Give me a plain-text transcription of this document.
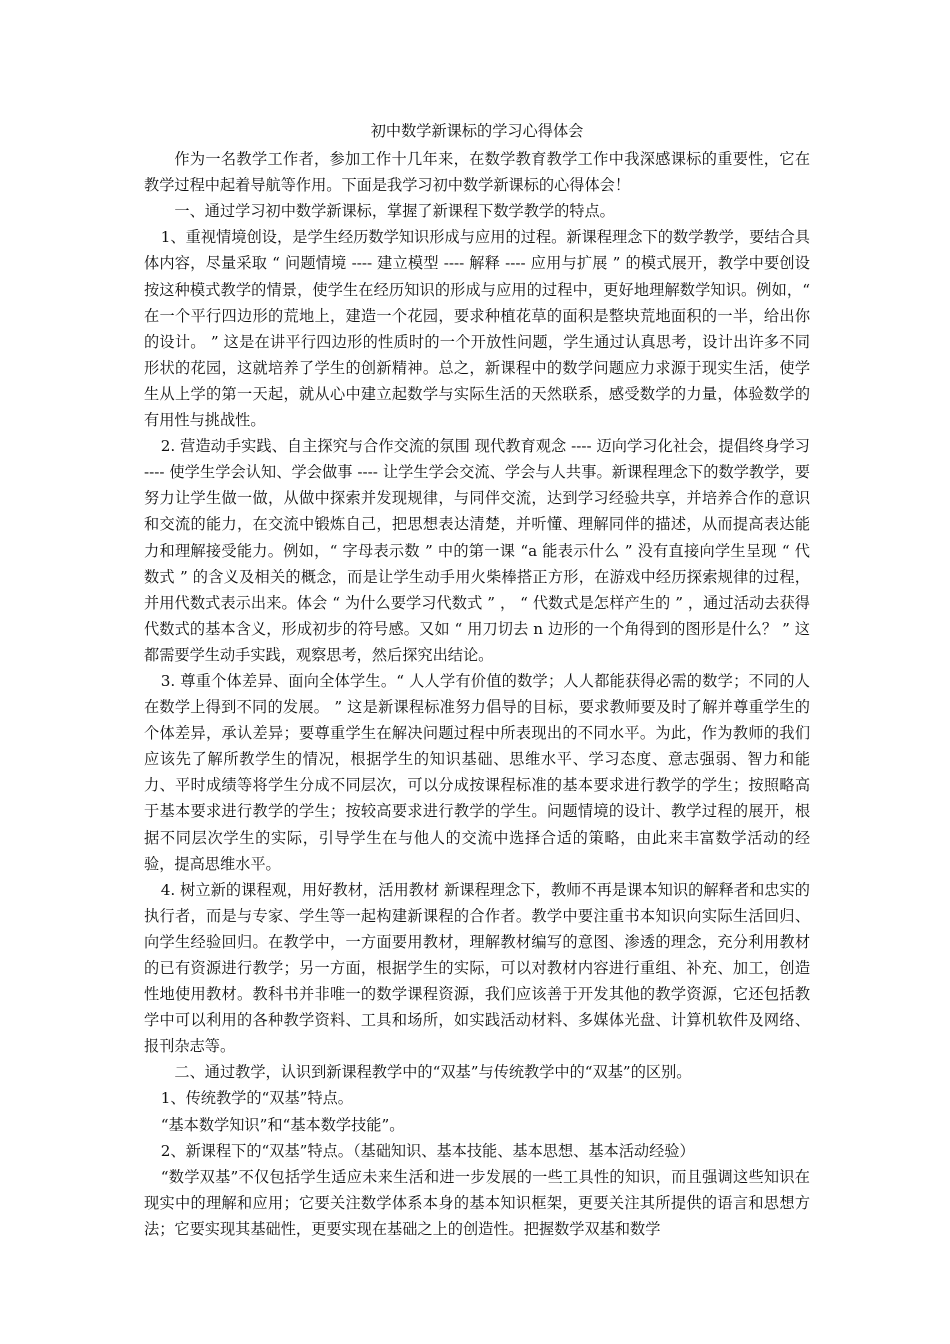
初中数学新课标的学习心得体会

作为一名教学工作者，参加工作十几年来，在数学教育教学工作中我深感课标的重要性，它在教学过程中起着导航等作用。下面是我学习初中数学新课标的心得体会！

一、通过学习初中数学新课标，掌握了新课程下数学教学的特点。

1、重视情境创设，是学生经历数学知识形成与应用的过程。新课程理念下的数学教学，要结合具体内容，尽量采取 “ 问题情境 ---- 建立模型 ---- 解释 ---- 应用与扩展 ” 的模式展开，教学中要创设按这种模式教学的情景，使学生在经历知识的形成与应用的过程中，更好地理解数学知识。例如，“ 在一个平行四边形的荒地上，建造一个花园，要求种植花草的面积是整块荒地面积的一半，给出你的设计。 ” 这是在讲平行四边形的性质时的一个开放性问题，学生通过认真思考，设计出许多不同形状的花园，这就培养了学生的创新精神。总之，新课程中的数学问题应力求源于现实生活，使学生从上学的第一天起，就从心中建立起数学与实际生活的天然联系，感受数学的力量，体验数学的有用性与挑战性。

2. 营造动手实践、自主探究与合作交流的氛围 现代教育观念 ---- 迈向学习化社会，提倡终身学习 ---- 使学生学会认知、学会做事 ---- 让学生学会交流、学会与人共事。新课程理念下的数学教学，要努力让学生做一做，从做中探索并发现规律，与同伴交流，达到学习经验共享，并培养合作的意识和交流的能力，在交流中锻炼自己，把思想表达清楚，并听懂、理解同伴的描述，从而提高表达能力和理解接受能力。例如，“ 字母表示数 ” 中的第一课 “a 能表示什么 ” 没有直接向学生呈现 “ 代数式 ” 的含义及相关的概念，而是让学生动手用火柴棒搭正方形，在游戏中经历探索规律的过程，并用代数式表示出来。体会 “ 为什么要学习代数式 ” ， “ 代数式是怎样产生的 ” ，通过活动去获得代数式的基本含义，形成初步的符号感。又如 “ 用刀切去 n 边形的一个角得到的图形是什么？ ” 这都需要学生动手实践，观察思考，然后探究出结论。

3. 尊重个体差异、面向全体学生。“ 人人学有价值的数学；人人都能获得必需的数学；不同的人在数学上得到不同的发展。 ” 这是新课程标准努力倡导的目标，要求教师要及时了解并尊重学生的个体差异，承认差异；要尊重学生在解决问题过程中所表现出的不同水平。为此，作为教师的我们应该先了解所教学生的情况，根据学生的知识基础、思维水平、学习态度、意志强弱、智力和能力、平时成绩等将学生分成不同层次，可以分成按课程标准的基本要求进行教学的学生；按照略高于基本要求进行教学的学生；按较高要求进行教学的学生。问题情境的设计、教学过程的展开，根据不同层次学生的实际，引导学生在与他人的交流中选择合适的策略，由此来丰富数学活动的经验，提高思维水平。

4. 树立新的课程观，用好教材，活用教材 新课程理念下，教师不再是课本知识的解释者和忠实的执行者，而是与专家、学生等一起构建新课程的合作者。教学中要注重书本知识向实际生活回归、向学生经验回归。在教学中，一方面要用教材，理解教材编写的意图、渗透的理念，充分利用教材的已有资源进行教学；另一方面，根据学生的实际，可以对教材内容进行重组、补充、加工，创造性地使用教材。教科书并非唯一的数学课程资源，我们应该善于开发其他的教学资源，它还包括教学中可以利用的各种教学资料、工具和场所，如实践活动材料、多媒体光盘、计算机软件及网络、报刊杂志等。

二、通过教学，认识到新课程教学中的“双基”与传统教学中的“双基”的区别。

1、传统教学的“双基”特点。

“基本数学知识”和“基本数学技能”。

2、新课程下的“双基”特点。（基础知识、基本技能、基本思想、基本活动经验）

“数学双基”不仅包括学生适应未来生活和进一步发展的一些工具性的知识，而且强调这些知识在现实中的理解和应用；它要关注数学体系本身的基本知识框架，更要关注其所提供的语言和思想方法；它要实现其基础性，更要实现在基础之上的创造性。把握数学双基和数学
